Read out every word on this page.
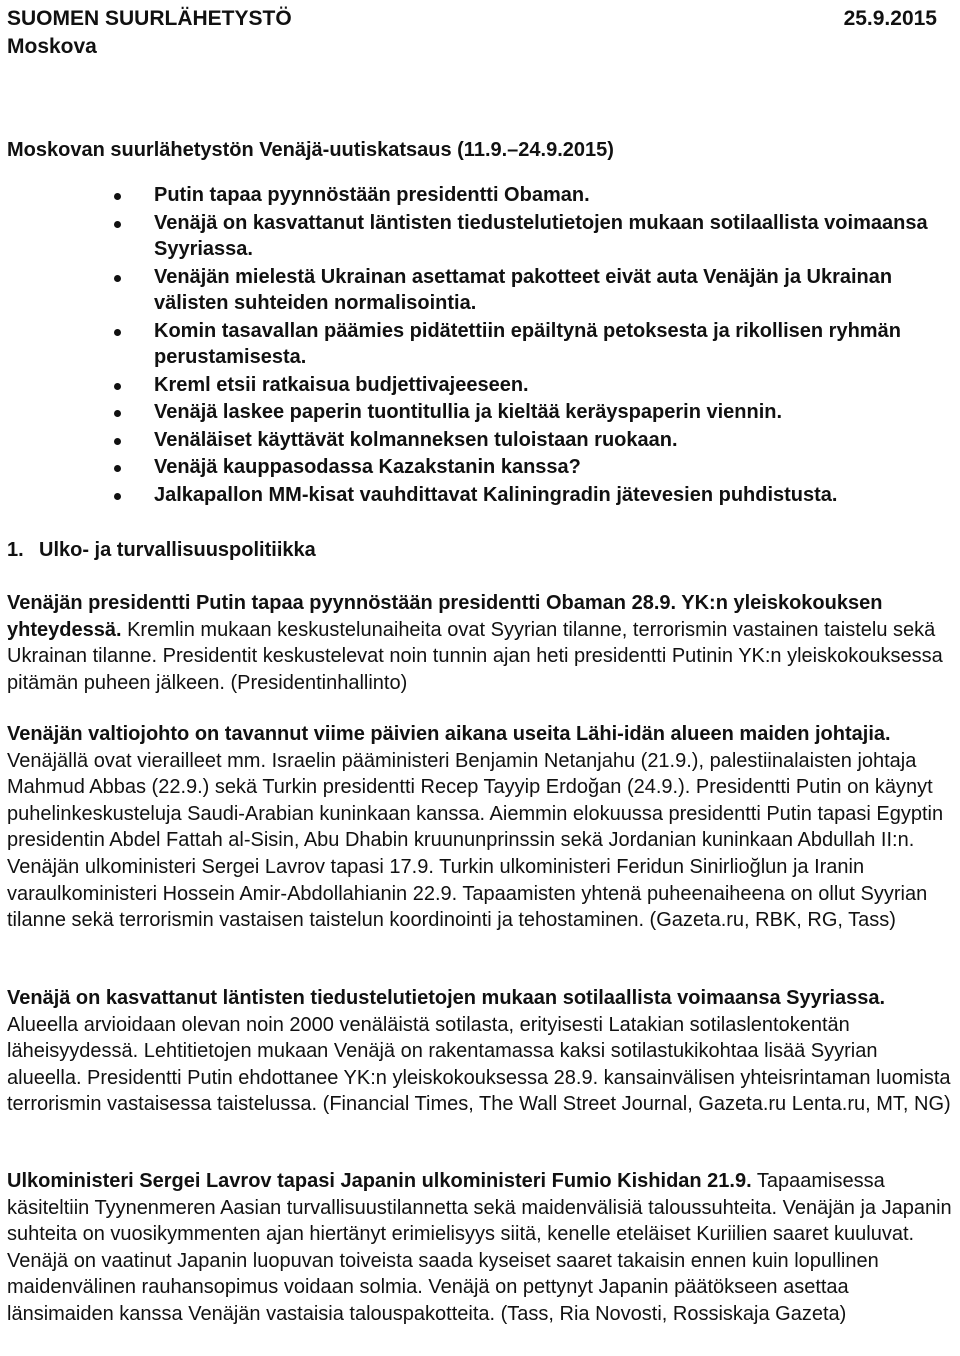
SUOMEN SUURLÄHETYSTÖ
Moskova
25.9.2015
Moskovan suurlähetystön Venäjä-uutiskatsaus (11.9.–24.9.2015)
Putin tapaa pyynnöstään presidentti Obaman.
Venäjä on kasvattanut läntisten tiedustelutietojen mukaan sotilaallista voimaansa Syyriassa.
Venäjän mielestä Ukrainan asettamat pakotteet eivät auta Venäjän ja Ukrainan välisten suhteiden normalisointia.
Komin tasavallan päämies pidätettiin epäiltynä petoksesta ja rikollisen ryhmän perustamisesta.
Kreml etsii ratkaisua budjettivajeeseen.
Venäjä laskee paperin tuontitullia ja kieltää keräyspaperin viennin.
Venäläiset käyttävät kolmanneksen tuloistaan ruokaan.
Venäjä kauppasodassa Kazakstanin kanssa?
Jalkapallon MM-kisat vauhdittavat Kaliningradin jätevesien puhdistusta.
1. Ulko- ja turvallisuuspolitiikka

Venäjän presidentti Putin tapaa pyynnöstään presidentti Obaman 28.9. YK:n yleiskokouksen yhteydessä. Kremlin mukaan keskustelunaiheita ovat Syyrian tilanne, terrorismin vastainen taistelu sekä Ukrainan tilanne. Presidentit keskustelevat noin tunnin ajan heti presidentti Putinin YK:n yleiskokouksessa pitämän puheen jälkeen. (Presidentinhallinto)

Venäjän valtiojohto on tavannut viime päivien aikana useita Lähi-idän alueen maiden johtajia. Venäjällä ovat vierailleet mm. Israelin pääministeri Benjamin Netanjahu (21.9.), palestiinalaisten johtaja Mahmud Abbas (22.9.) sekä Turkin presidentti Recep Tayyip Erdoğan (24.9.). Presidentti Putin on käynyt puhelinkeskusteluja Saudi-Arabian kuninkaan kanssa. Aiemmin elokuussa presidentti Putin tapasi Egyptin presidentin Abdel Fattah al-Sisin, Abu Dhabin kruununprinssin sekä Jordanian kuninkaan Abdullah II:n. Venäjän ulkoministeri Sergei Lavrov tapasi 17.9. Turkin ulkoministeri Feridun Sinirlioğlun ja Iranin varaulkoministeri Hossein Amir-Abdollahianin 22.9. Tapaamisten yhtenä puheenaiheena on ollut Syyrian tilanne sekä terrorismin vastaisen taistelun koordinointi ja tehostaminen. (Gazeta.ru, RBK, RG, Tass)

Venäjä on kasvattanut läntisten tiedustelutietojen mukaan sotilaallista voimaansa Syyriassa. Alueella arvioidaan olevan noin 2000 venäläistä sotilasta, erityisesti Latakian sotilaslentokentän läheisyydessä. Lehtitietojen mukaan Venäjä on rakentamassa kaksi sotilastukikohtaa lisää Syyrian alueella. Presidentti Putin ehdottanee YK:n yleiskokouksessa 28.9. kansainvälisen yhteisrintaman luomista terrorismin vastaisessa taistelussa. (Financial Times, The Wall Street Journal, Gazeta.ru Lenta.ru, MT, NG)

Ulkoministeri Sergei Lavrov tapasi Japanin ulkoministeri Fumio Kishidan 21.9. Tapaamisessa käsiteltiin Tyynenmeren Aasian turvallisuustilannetta sekä maidenvälisiä taloussuhteita. Venäjän ja Japanin suhteita on vuosikymmenten ajan hiertänyt erimielisyys siitä, kenelle eteläiset Kuriilien saaret kuuluvat. Venäjä on vaatinut Japanin luopuvan toiveista saada kyseiset saaret takaisin ennen kuin lopullinen maidenvälinen rauhansopimus voidaan solmia. Venäjä on pettynyt Japanin päätökseen asettaa länsimaiden kanssa Venäjän vastaisia talouspakotteita. (Tass, Ria Novosti, Rossiskaja Gazeta)
